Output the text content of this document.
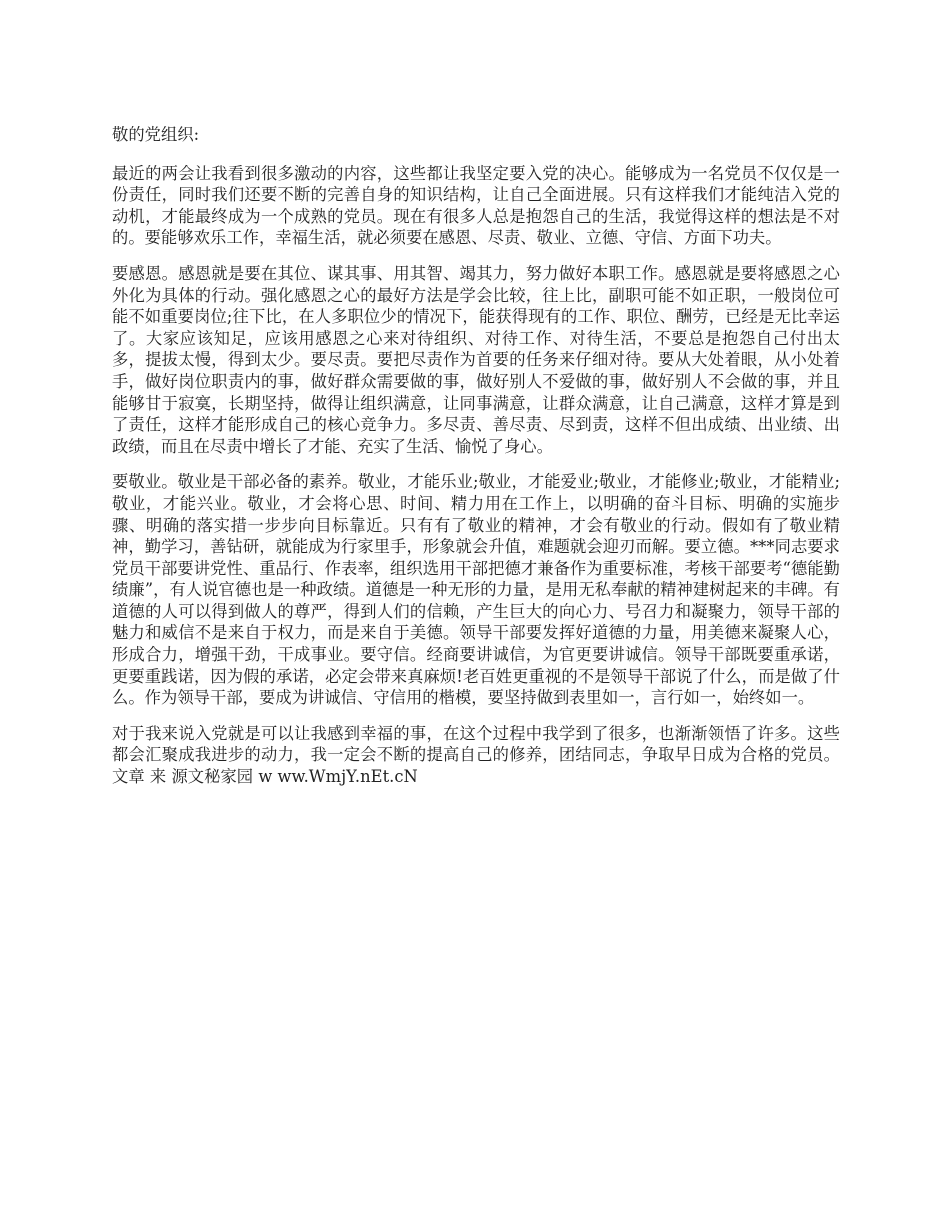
敬的党组织:

最近的两会让我看到很多激动的内容，这些都让我坚定要入党的决心。能够成为一名党员不仅仅是一份责任，同时我们还要不断的完善自身的知识结构，让自己全面进展。只有这样我们才能纯洁入党的动机，才能最终成为一个成熟的党员。现在有很多人总是抱怨自己的生活，我觉得这样的想法是不对的。要能够欢乐工作，幸福生活，就必须要在感恩、尽责、敬业、立德、守信、方面下功夫。

要感恩。感恩就是要在其位、谋其事、用其智、竭其力，努力做好本职工作。感恩就是要将感恩之心外化为具体的行动。强化感恩之心的最好方法是学会比较，往上比，副职可能不如正职，一般岗位可能不如重要岗位;往下比，在人多职位少的情况下，能获得现有的工作、职位、酬劳，已经是无比幸运了。大家应该知足，应该用感恩之心来对待组织、对待工作、对待生活，不要总是抱怨自己付出太多，提拔太慢，得到太少。要尽责。要把尽责作为首要的任务来仔细对待。要从大处着眼，从小处着手，做好岗位职责内的事，做好群众需要做的事，做好别人不爱做的事，做好别人不会做的事，并且能够甘于寂寞，长期坚持，做得让组织满意，让同事满意，让群众满意，让自己满意，这样才算是到了责任，这样才能形成自己的核心竞争力。多尽责、善尽责、尽到责，这样不但出成绩、出业绩、出政绩，而且在尽责中增长了才能、充实了生活、愉悦了身心。

要敬业。敬业是干部必备的素养。敬业，才能乐业;敬业，才能爱业;敬业，才能修业;敬业，才能精业;敬业，才能兴业。敬业，才会将心思、时间、精力用在工作上，以明确的奋斗目标、明确的实施步骤、明确的落实措一步步向目标靠近。只有有了敬业的精神，才会有敬业的行动。假如有了敬业精神，勤学习，善钻研，就能成为行家里手，形象就会升值，难题就会迎刃而解。要立德。***同志要求党员干部要讲党性、重品行、作表率，组织选用干部把德才兼备作为重要标准，考核干部要考“德能勤绩廉”，有人说官德也是一种政绩。道德是一种无形的力量，是用无私奉献的精神建树起来的丰碑。有道德的人可以得到做人的尊严，得到人们的信赖，产生巨大的向心力、号召力和凝聚力，领导干部的魅力和威信不是来自于权力，而是来自于美德。领导干部要发挥好道德的力量，用美德来凝聚人心，形成合力，增强干劲，干成事业。要守信。经商要讲诚信，为官更要讲诚信。领导干部既要重承诺，更要重践诺，因为假的承诺，必定会带来真麻烦!老百姓更重视的不是领导干部说了什么，而是做了什么。作为领导干部，要成为讲诚信、守信用的楷模，要坚持做到表里如一，言行如一，始终如一。

对于我来说入党就是可以让我感到幸福的事，在这个过程中我学到了很多，也渐渐领悟了许多。这些都会汇聚成我进步的动力，我一定会不断的提高自己的修养，团结同志，争取早日成为合格的党员。 文章 来 源文秘家园 w ww.WmjY.nEt.cN
